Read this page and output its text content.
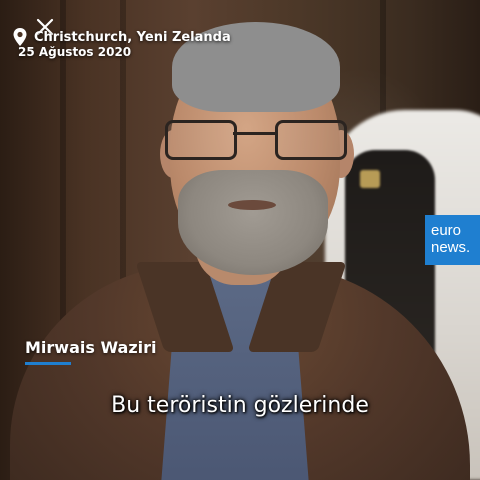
Christchurch, Yeni Zelanda
25 Ağustos 2020
euro
news.
Mirwais Waziri
Bu teröristin gözlerinde
